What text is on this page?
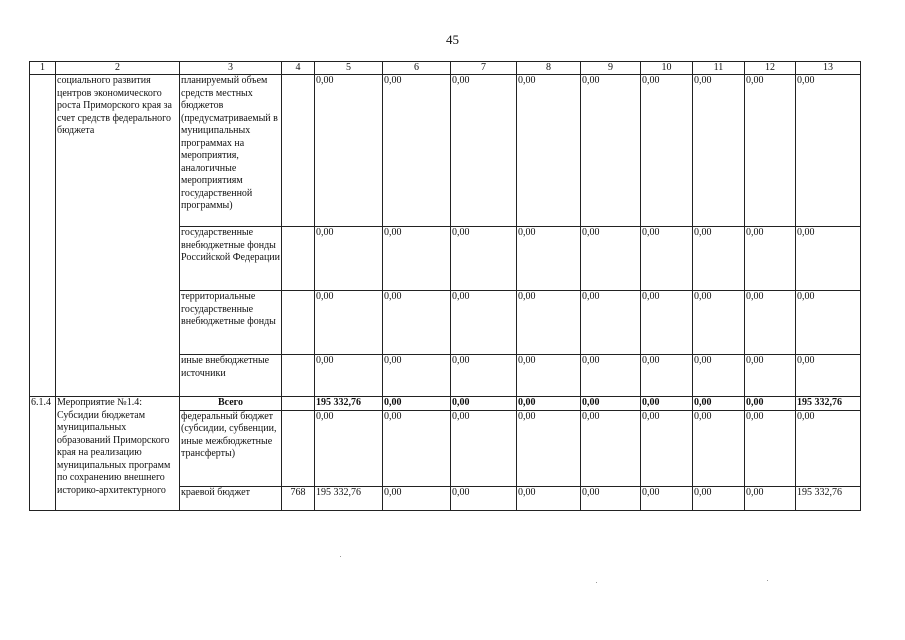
45
1	2	3	4	5	6	7	8	9	10	11	12	13
	социального развития центров экономического роста Приморского края за счет средств федерального бюджета	планируемый объем средств местных бюджетов (предусматриваемый в муниципальных программах на мероприятия, аналогичные мероприятиям государственной программы)		0,00	0,00	0,00	0,00	0,00	0,00	0,00	0,00	0,00
		государственные внебюджетные фонды Российской Федерации		0,00	0,00	0,00	0,00	0,00	0,00	0,00	0,00	0,00
		территориальные государственные внебюджетные фонды		0,00	0,00	0,00	0,00	0,00	0,00	0,00	0,00	0,00
		иные внебюджетные источники		0,00	0,00	0,00	0,00	0,00	0,00	0,00	0,00	0,00
6.1.4	Мероприятие №1.4: Субсидии бюджетам муниципальных образований Приморского края на реализацию муниципальных программ по сохранению внешнего историко-архитектурного	Всего		195 332,76	0,00	0,00	0,00	0,00	0,00	0,00	0,00	195 332,76
		федеральный бюджет (субсидии, субвенции, иные межбюджетные трансферты)		0,00	0,00	0,00	0,00	0,00	0,00	0,00	0,00	0,00
		краевой бюджет	768	195 332,76	0,00	0,00	0,00	0,00	0,00	0,00	0,00	195 332,76
